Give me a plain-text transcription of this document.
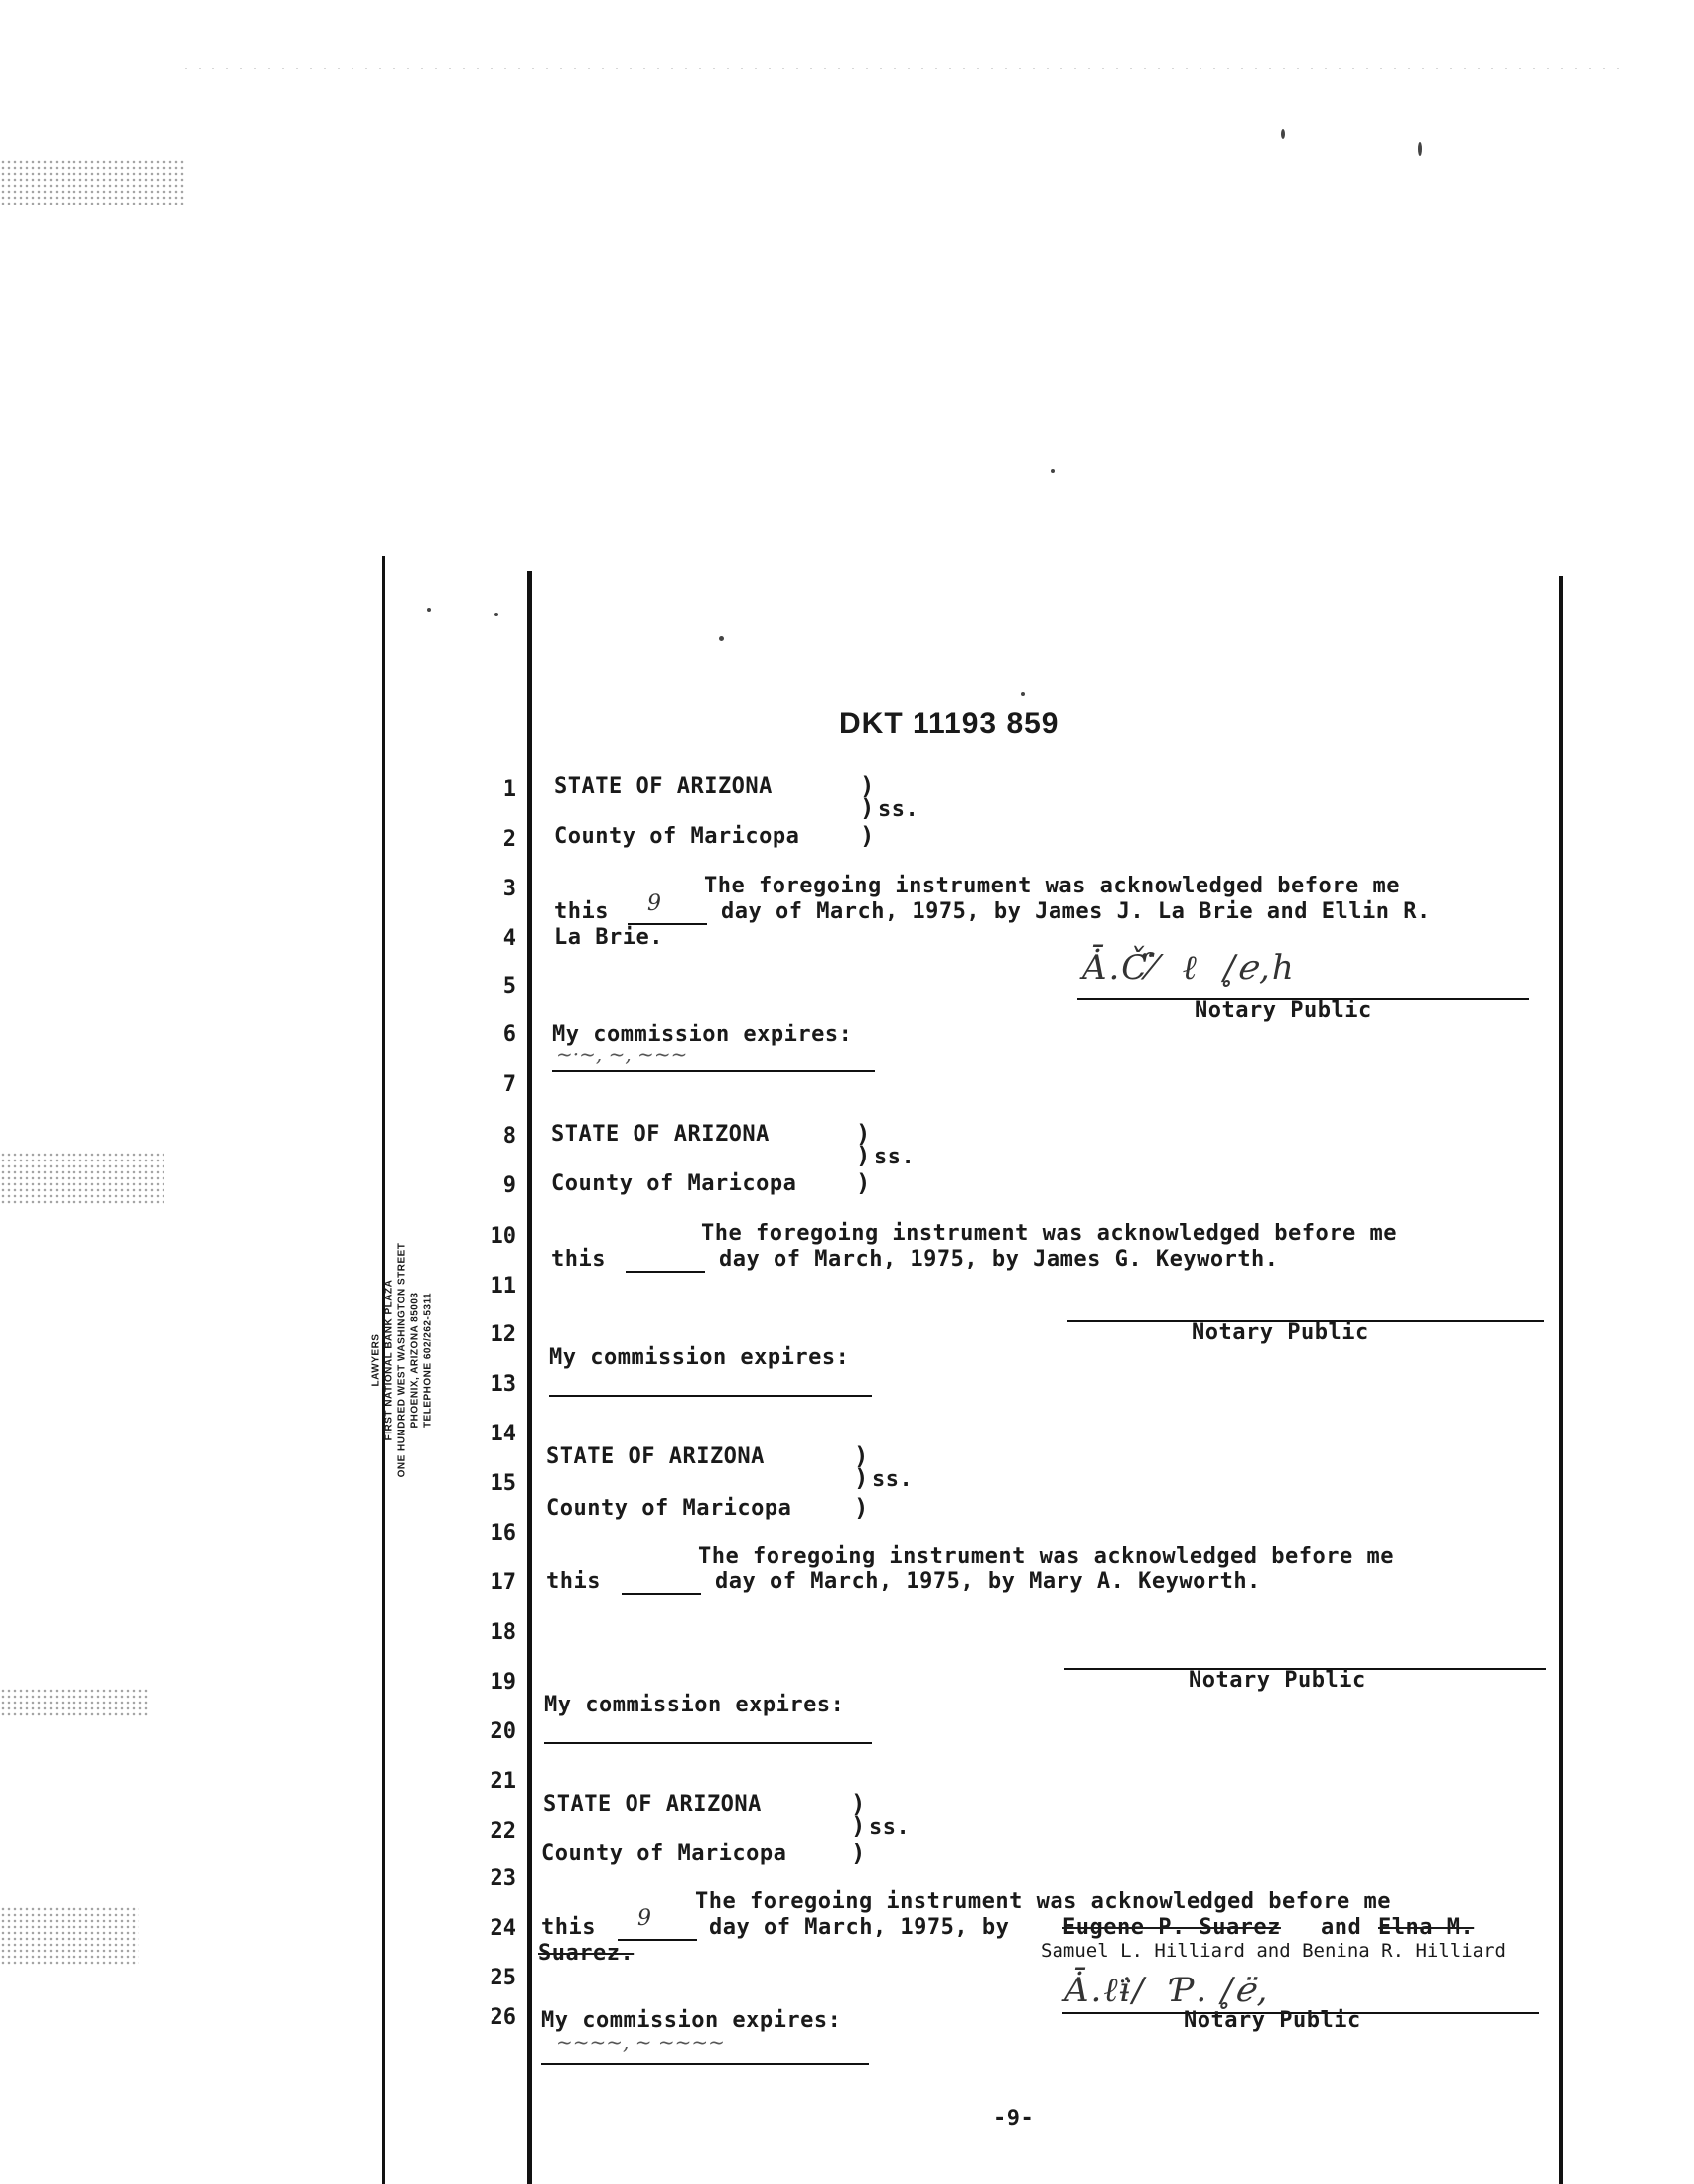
LAWYERS FIRST NATIONAL BANK PLAZA ONE HUNDRED WEST WASHINGTON STREET PHOENIX, ARIZONA 85003 TELEPHONE 602/262-5311
DKT 11193 859
1
2
3
4
5
6
7
8
9
10
11
12
13
14
15
16
17
18
19
20
21
22
23
24
25
26
STATE OF ARIZONA	)
) ss.
)
County of Maricopa
The foregoing instrument was acknowledged before me
this 9	day of March, 1975, by James J. La Brie and Ellin R.
La Brie.
Ǡ.Ƈ̌⁄̈  ℓ  ∕̥ℯ,ℎ
Notary Public
My commission expires:
~·~, ~, ~~~
STATE OF ARIZONA	)
) ss.
)
County of Maricopa
The foregoing instrument was acknowledged before me
this	day of March, 1975, by James G. Keyworth.
Notary Public
My commission expires:
STATE OF ARIZONA	)
) ss.
)
County of Maricopa
The foregoing instrument was acknowledged before me
this	day of March, 1975, by Mary A. Keyworth.
Notary Public
My commission expires:
STATE OF ARIZONA	)
) ss.
)
County of Maricopa
The foregoing instrument was acknowledged before me
this 9	day of March, 1975, by Eugene P. Suarez and Elna M.
Suarez.	Samuel L. Hilliard and Benina R. Hilliard
Ǡ.ℓ̈ɨ∕  Ƥ. ∕̥ℯ̈,
Notary Public
My commission expires:
~~~~, ~ ~~~~
-9-
